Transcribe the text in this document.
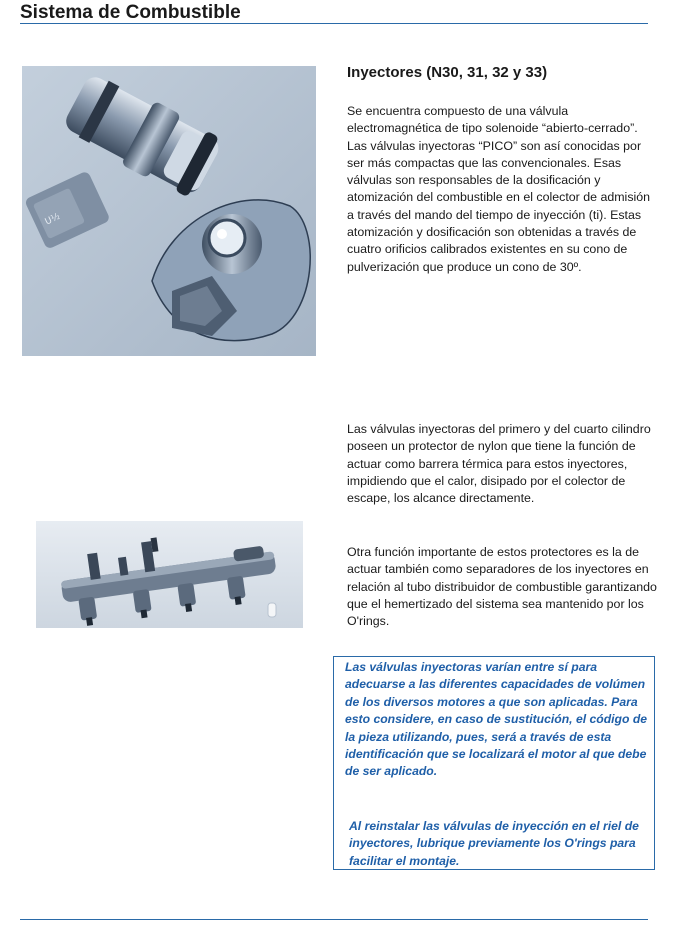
Sistema de Combustible
U½
Inyectores (N30, 31, 32 y 33)

Se encuentra compuesto de una válvula electromagnética de tipo solenoide “abierto-cerrado”. Las válvulas inyectoras “PICO” son así conocidas por ser más compactas que las convencionales. Esas válvulas son responsables de la dosificación y atomización del combustible en el colector de admisión a través del mando del tiempo de inyección (ti). Estas atomización y dosificación son obtenidas a través de cuatro orificios calibrados existentes en su cono de pulverización que produce un cono de 30º.

Las válvulas inyectoras del primero y del cuarto cilindro poseen un protector de nylon que tiene la función de actuar como barrera térmica para estos inyectores, impidiendo que el calor, disipado por el colector de escape, los alcance directamente.

Otra función importante de estos protectores es la de actuar también como separadores de los inyectores en relación al tubo distribuidor de combustible garantizando que el hemertizado del sistema sea mantenido por los O'rings.

Las válvulas inyectoras varían entre sí para adecuarse a las diferentes capacidades de volúmen de los diversos motores a que son aplicadas. Para esto considere, en caso de sustitución, el código de la pieza utilizando, pues, será a través de esta identificación que se localizará el motor al que debe de ser aplicado.

Al reinstalar las válvulas de inyección en el riel de inyectores, lubrique previamente los O'rings para facilitar el montaje.
